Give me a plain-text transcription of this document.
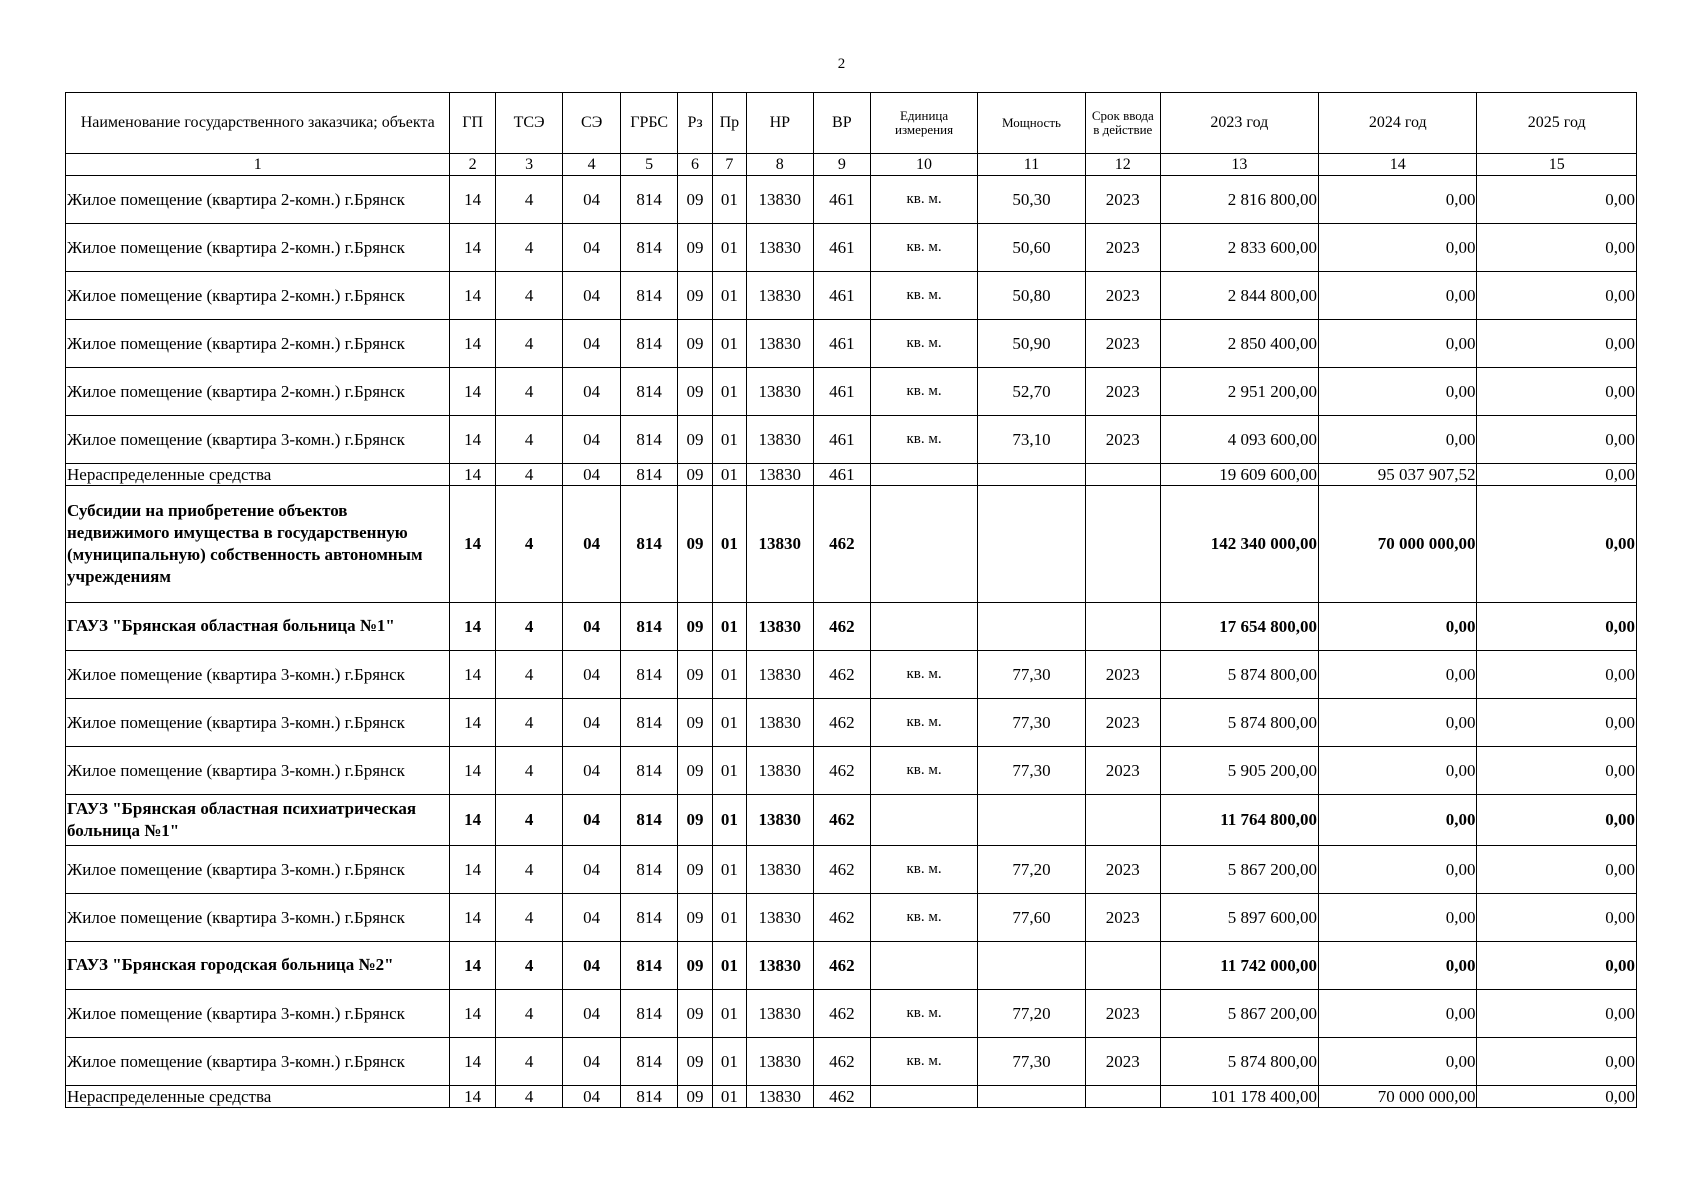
2
Наименование государственного заказчика; объекта	ГП	ТСЭ	СЭ	ГРБС	Рз	Пр	НР	ВР	Единица измерения	Мощность	Срок ввода в действие	2023 год	2024 год	2025 год
1	2	3	4	5	6	7	8	9	10	11	12	13	14	15
Жилое помещение (квартира 2-комн.) г.Брянск	14	4	04	814	09	01	13830	461	кв. м.	50,30	2023	2 816 800,00	0,00	0,00
Жилое помещение (квартира 2-комн.) г.Брянск	14	4	04	814	09	01	13830	461	кв. м.	50,60	2023	2 833 600,00	0,00	0,00
Жилое помещение (квартира 2-комн.) г.Брянск	14	4	04	814	09	01	13830	461	кв. м.	50,80	2023	2 844 800,00	0,00	0,00
Жилое помещение (квартира 2-комн.) г.Брянск	14	4	04	814	09	01	13830	461	кв. м.	50,90	2023	2 850 400,00	0,00	0,00
Жилое помещение (квартира 2-комн.) г.Брянск	14	4	04	814	09	01	13830	461	кв. м.	52,70	2023	2 951 200,00	0,00	0,00
Жилое помещение (квартира 3-комн.) г.Брянск	14	4	04	814	09	01	13830	461	кв. м.	73,10	2023	4 093 600,00	0,00	0,00
Нераспределенные средства	14	4	04	814	09	01	13830	461				19 609 600,00	95 037 907,52	0,00
Субсидии на приобретение объектов недвижимого имущества в государственную (муниципальную) собственность автономным учреждениям	14	4	04	814	09	01	13830	462				142 340 000,00	70 000 000,00	0,00
ГАУЗ "Брянская областная больница №1"	14	4	04	814	09	01	13830	462				17 654 800,00	0,00	0,00
Жилое помещение (квартира 3-комн.) г.Брянск	14	4	04	814	09	01	13830	462	кв. м.	77,30	2023	5 874 800,00	0,00	0,00
Жилое помещение (квартира 3-комн.) г.Брянск	14	4	04	814	09	01	13830	462	кв. м.	77,30	2023	5 874 800,00	0,00	0,00
Жилое помещение (квартира 3-комн.) г.Брянск	14	4	04	814	09	01	13830	462	кв. м.	77,30	2023	5 905 200,00	0,00	0,00
ГАУЗ "Брянская областная психиатрическая больница №1"	14	4	04	814	09	01	13830	462				11 764 800,00	0,00	0,00
Жилое помещение (квартира 3-комн.) г.Брянск	14	4	04	814	09	01	13830	462	кв. м.	77,20	2023	5 867 200,00	0,00	0,00
Жилое помещение (квартира 3-комн.) г.Брянск	14	4	04	814	09	01	13830	462	кв. м.	77,60	2023	5 897 600,00	0,00	0,00
ГАУЗ "Брянская городская больница №2"	14	4	04	814	09	01	13830	462				11 742 000,00	0,00	0,00
Жилое помещение (квартира 3-комн.) г.Брянск	14	4	04	814	09	01	13830	462	кв. м.	77,20	2023	5 867 200,00	0,00	0,00
Жилое помещение (квартира 3-комн.) г.Брянск	14	4	04	814	09	01	13830	462	кв. м.	77,30	2023	5 874 800,00	0,00	0,00
Нераспределенные средства	14	4	04	814	09	01	13830	462				101 178 400,00	70 000 000,00	0,00
